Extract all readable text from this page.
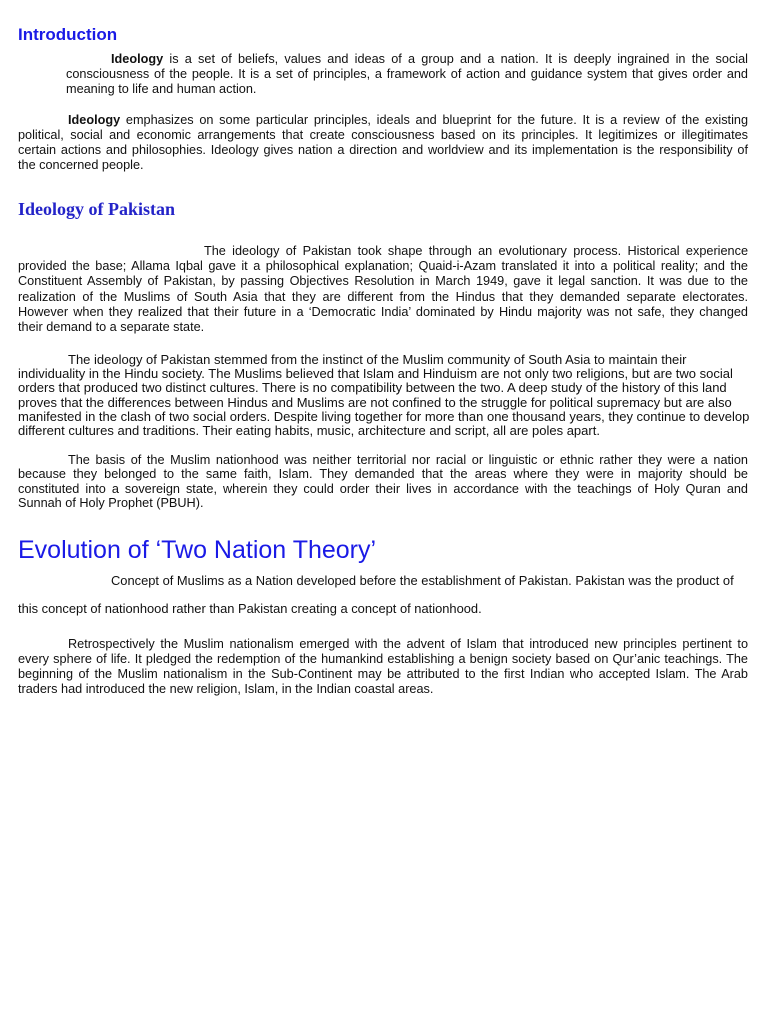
Introduction
Ideology is a set of beliefs, values and ideas of a group and a nation. It is deeply ingrained in the social
consciousness of the people. It is a set of principles, a framework of action and guidance system that gives order and
meaning to life and human action.
Ideology emphasizes on some particular principles, ideals and blueprint for the future. It is a review of the existing
political, social and economic arrangements that create consciousness based on its principles. It legitimizes or illegitimates
certain actions and philosophies. Ideology gives nation a direction and worldview and its implementation is the responsibility of
the concerned people.
Ideology of Pakistan
The ideology of Pakistan took shape through an evolutionary process. Historical experience
provided the base; Allama Iqbal gave it a philosophical explanation; Quaid-i-Azam translated it into a political reality; and the
Constituent Assembly of Pakistan, by passing Objectives Resolution in March 1949, gave it legal sanction. It was due to the
realization of the Muslims of South Asia that they are different from the Hindus that they demanded separate electorates.
However when they realized that their future in a ‘Democratic India’ dominated by Hindu majority was not safe, they changed
their demand to a separate state.
The ideology of Pakistan stemmed from the instinct of the Muslim community of South Asia to maintain their
individuality in the Hindu society. The Muslims believed that Islam and Hinduism are not only two religions, but are two social
orders that produced two distinct cultures. There is no compatibility between the two. A deep study of the history of this land
proves that the differences between Hindus and Muslims are not confined to the struggle for political supremacy but are also
manifested in the clash of two social orders. Despite living together for more than one thousand years, they continue to develop
different cultures and traditions. Their eating habits, music, architecture and script, all are poles apart.
The basis of the Muslim nationhood was neither territorial nor racial or linguistic or ethnic rather they were a nation
because they belonged to the same faith, Islam. They demanded that the areas where they were in majority should be
constituted into a sovereign state, wherein they could order their lives in accordance with the teachings of Holy Quran and
Sunnah of Holy Prophet (PBUH).
Evolution of ‘Two Nation Theory’
Concept of Muslims as a Nation developed before the establishment of Pakistan. Pakistan was the product of
this concept of nationhood rather than Pakistan creating a concept of nationhood.
Retrospectively the Muslim nationalism emerged with the advent of Islam that introduced new principles pertinent to
every sphere of life. It pledged the redemption of the humankind establishing a benign society based on Qur’anic teachings. The
beginning of the Muslim nationalism in the Sub-Continent may be attributed to the first Indian who accepted Islam. The Arab
traders had introduced the new religion, Islam, in the Indian coastal areas.
